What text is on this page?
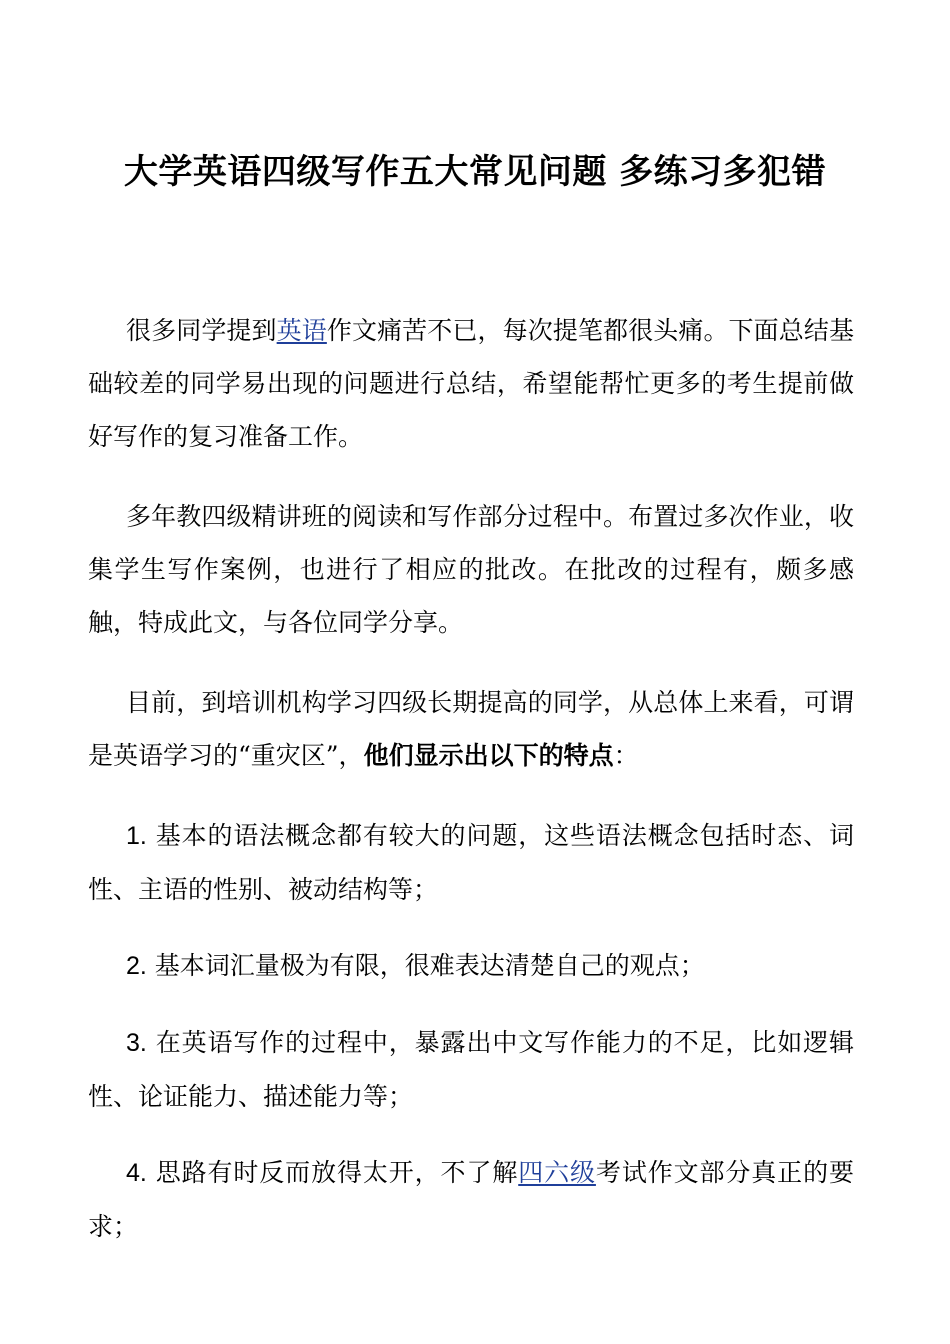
大学英语四级写作五大常见问题 多练习多犯错

很多同学提到英语作文痛苦不已，每次提笔都很头痛。下面总结基础较差的同学易出现的问题进行总结，希望能帮忙更多的考生提前做好写作的复习准备工作。

多年教四级精讲班的阅读和写作部分过程中。布置过多次作业，收集学生写作案例，也进行了相应的批改。在批改的过程有，颇多感触，特成此文，与各位同学分享。

目前，到培训机构学习四级长期提高的同学，从总体上来看，可谓是英语学习的“重灾区”，他们显示出以下的特点：

1. 基本的语法概念都有较大的问题，这些语法概念包括时态、词性、主语的性别、被动结构等；

2. 基本词汇量极为有限，很难表达清楚自己的观点；

3. 在英语写作的过程中，暴露出中文写作能力的不足，比如逻辑性、论证能力、描述能力等；

4. 思路有时反而放得太开，不了解四六级考试作文部分真正的要求；
